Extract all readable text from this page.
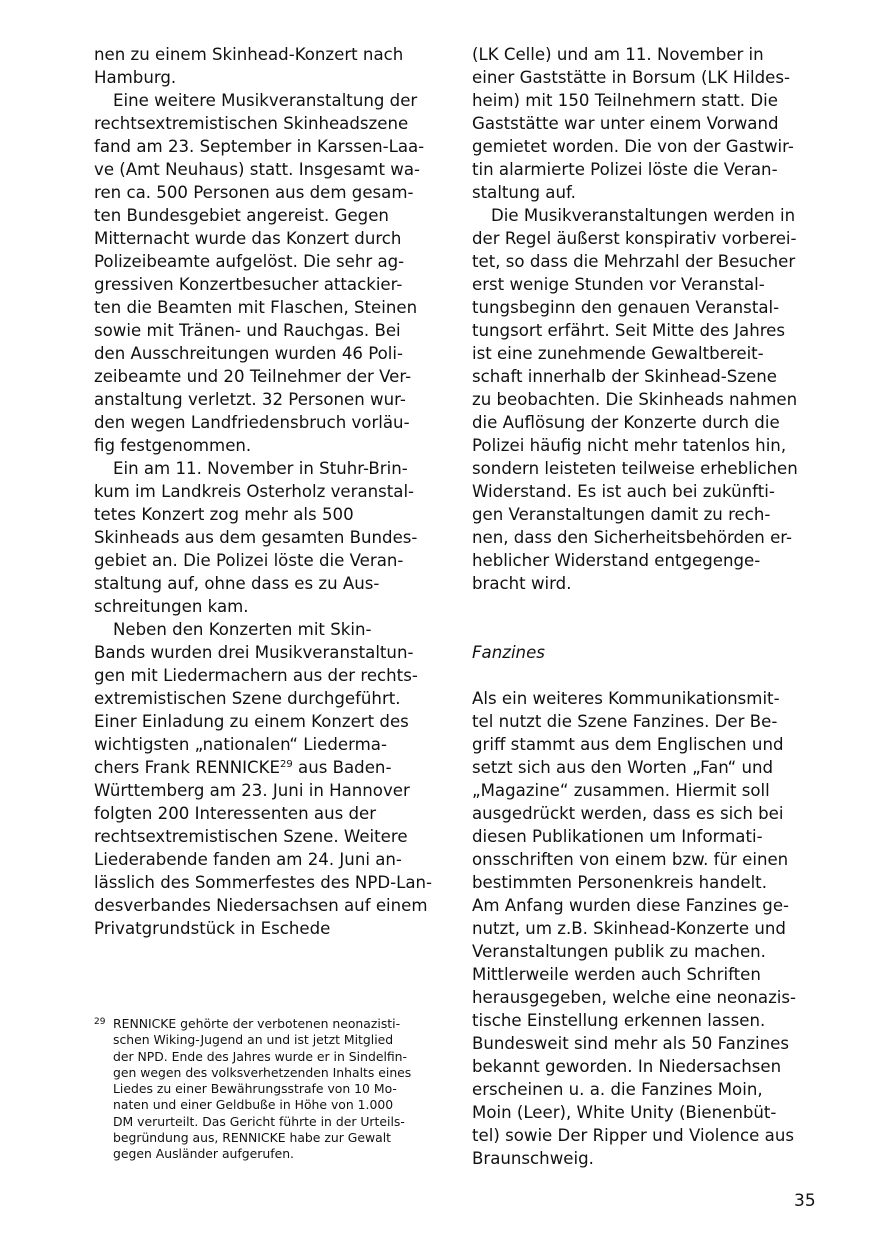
nen zu einem Skinhead-Konzert nach
Hamburg.
Eine weitere Musikveranstaltung der
rechtsextremistischen Skinheadszene
fand am 23. September in Karssen-Laa-
ve (Amt Neuhaus) statt. Insgesamt wa-
ren ca. 500 Personen aus dem gesam-
ten Bundesgebiet angereist. Gegen
Mitternacht wurde das Konzert durch
Polizeibeamte aufgelöst. Die sehr ag-
gressiven Konzertbesucher attackier-
ten die Beamten mit Flaschen, Steinen
sowie mit Tränen- und Rauchgas. Bei
den Ausschreitungen wurden 46 Poli-
zeibeamte und 20 Teilnehmer der Ver-
anstaltung verletzt. 32 Personen wur-
den wegen Landfriedensbruch vorläu-
fig festgenommen.
Ein am 11. November in Stuhr-Brin-
kum im Landkreis Osterholz veranstal-
tetes Konzert zog mehr als 500
Skinheads aus dem gesamten Bundes-
gebiet an. Die Polizei löste die Veran-
staltung auf, ohne dass es zu Aus-
schreitungen kam.
Neben den Konzerten mit Skin-
Bands wurden drei Musikveranstaltun-
gen mit Liedermachern aus der rechts-
extremistischen Szene durchgeführt.
Einer Einladung zu einem Konzert des
wichtigsten „nationalen“ Liederma-
chers Frank RENNICKE$^{29}$ aus Baden-
Württemberg am 23. Juni in Hannover
folgten 200 Interessenten aus der
rechtsextremistischen Szene. Weitere
Liederabende fanden am 24. Juni an-
lässlich des Sommerfestes des NPD-Lan-
desverbandes Niedersachsen auf einem
Privatgrundstück in Eschede
29 RENNICKE gehörte der verbotenen neonazisti-
schen Wiking-Jugend an und ist jetzt Mitglied
der NPD. Ende des Jahres wurde er in Sindelfin-
gen wegen des volksverhetzenden Inhalts eines
Liedes zu einer Bewährungsstrafe von 10 Mo-
naten und einer Geldbuße in Höhe von 1.000
DM verurteilt. Das Gericht führte in der Urteils-
begründung aus, RENNICKE habe zur Gewalt
gegen Ausländer aufgerufen.
(LK Celle) und am 11. November in
einer Gaststätte in Borsum (LK Hildes-
heim) mit 150 Teilnehmern statt. Die
Gaststätte war unter einem Vorwand
gemietet worden. Die von der Gastwir-
tin alarmierte Polizei löste die Veran-
staltung auf.
Die Musikveranstaltungen werden in
der Regel äußerst konspirativ vorberei-
tet, so dass die Mehrzahl der Besucher
erst wenige Stunden vor Veranstal-
tungsbeginn den genauen Veranstal-
tungsort erfährt. Seit Mitte des Jahres
ist eine zunehmende Gewaltbereit-
schaft innerhalb der Skinhead-Szene
zu beobachten. Die Skinheads nahmen
die Auflösung der Konzerte durch die
Polizei häufig nicht mehr tatenlos hin,
sondern leisteten teilweise erheblichen
Widerstand. Es ist auch bei zukünfti-
gen Veranstaltungen damit zu rech-
nen, dass den Sicherheitsbehörden er-
heblicher Widerstand entgegenge-
bracht wird.
Fanzines
Als ein weiteres Kommunikationsmit-
tel nutzt die Szene Fanzines. Der Be-
griff stammt aus dem Englischen und
setzt sich aus den Worten „Fan“ und
„Magazine“ zusammen. Hiermit soll
ausgedrückt werden, dass es sich bei
diesen Publikationen um Informati-
onsschriften von einem bzw. für einen
bestimmten Personenkreis handelt.
Am Anfang wurden diese Fanzines ge-
nutzt, um z.B. Skinhead-Konzerte und
Veranstaltungen publik zu machen.
Mittlerweile werden auch Schriften
herausgegeben, welche eine neonazis-
tische Einstellung erkennen lassen.
Bundesweit sind mehr als 50 Fanzines
bekannt geworden. In Niedersachsen
erscheinen u. a. die Fanzines Moin,
Moin (Leer), White Unity (Bienenbüt-
tel) sowie Der Ripper und Violence aus
Braunschweig.
35
